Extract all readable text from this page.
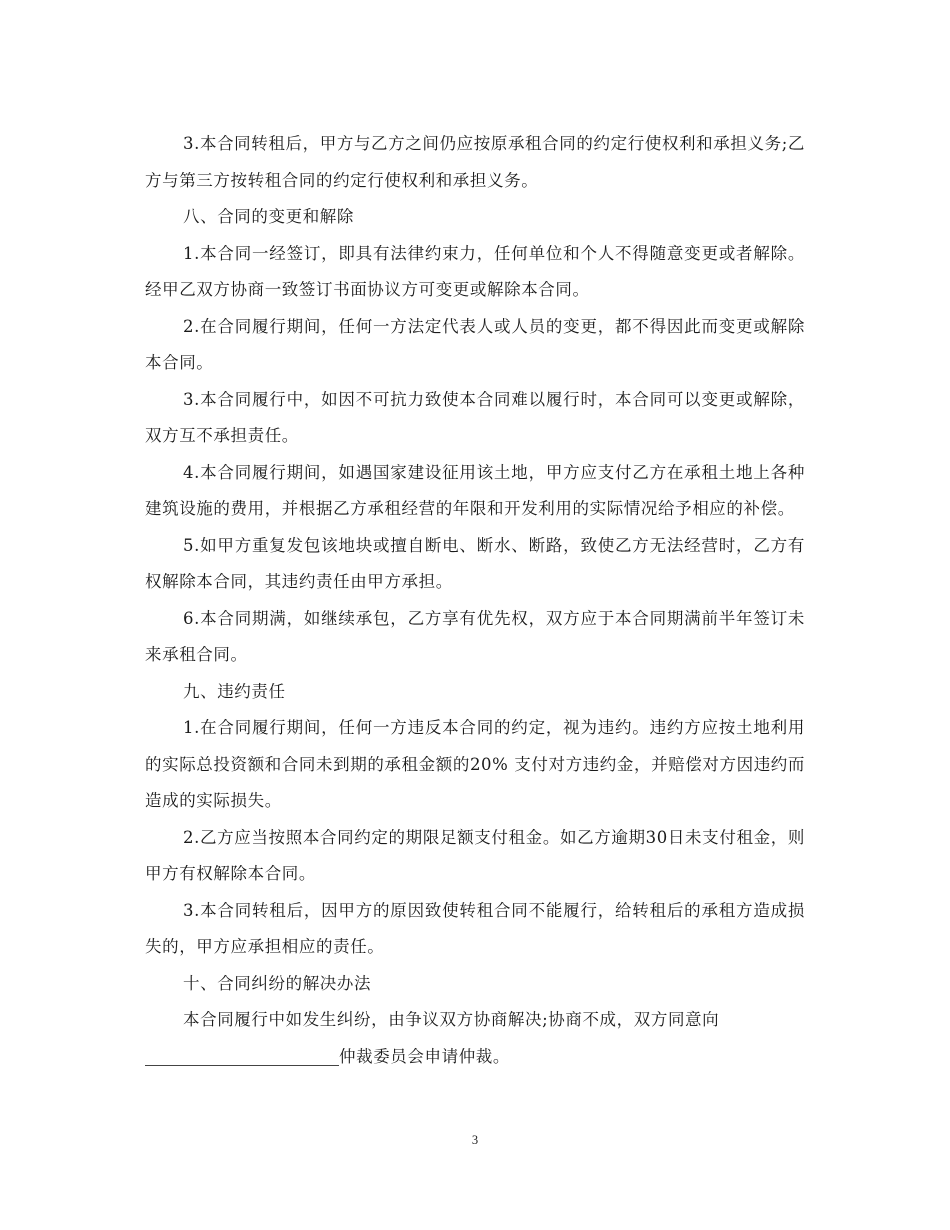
3.本合同转租后，甲方与乙方之间仍应按原承租合同的约定行使权利和承担义务;乙方与第三方按转租合同的约定行使权利和承担义务。

八、合同的变更和解除

1.本合同一经签订，即具有法律约束力，任何单位和个人不得随意变更或者解除。经甲乙双方协商一致签订书面协议方可变更或解除本合同。

2.在合同履行期间，任何一方法定代表人或人员的变更，都不得因此而变更或解除本合同。

3.本合同履行中，如因不可抗力致使本合同难以履行时，本合同可以变更或解除，双方互不承担责任。

4.本合同履行期间，如遇国家建设征用该土地，甲方应支付乙方在承租土地上各种建筑设施的费用，并根据乙方承租经营的年限和开发利用的实际情况给予相应的补偿。

5.如甲方重复发包该地块或擅自断电、断水、断路，致使乙方无法经营时，乙方有权解除本合同，其违约责任由甲方承担。

6.本合同期满，如继续承包，乙方享有优先权，双方应于本合同期满前半年签订未来承租合同。

九、违约责任

1.在合同履行期间，任何一方违反本合同的约定，视为违约。违约方应按土地利用的实际总投资额和合同未到期的承租金额的20% 支付对方违约金，并赔偿对方因违约而造成的实际损失。

2.乙方应当按照本合同约定的期限足额支付租金。如乙方逾期30日未支付租金，则甲方有权解除本合同。

3.本合同转租后，因甲方的原因致使转租合同不能履行，给转租后的承租方造成损失的，甲方应承担相应的责任。

十、合同纠纷的解决办法

本合同履行中如发生纠纷，由争议双方协商解决;协商不成，双方同意向

仲裁委员会申请仲裁。

3
